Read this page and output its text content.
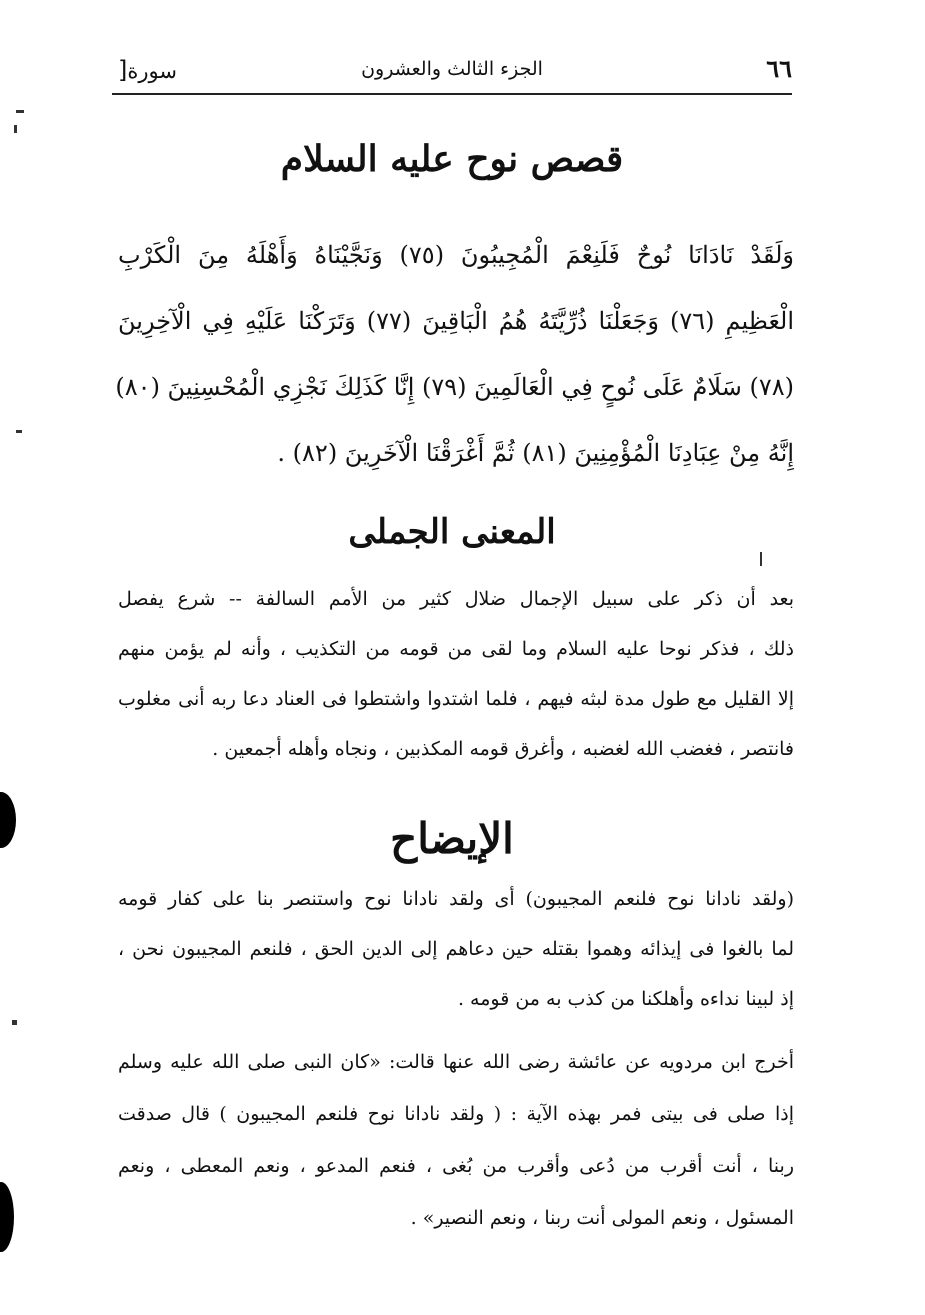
٦٦
الجزء الثالث والعشرون
سورة[
قصص نوح عليه السلام
وَلَقَدْ نَادَانَا نُوحٌ فَلَنِعْمَ الْمُجِيبُونَ (٧٥) وَنَجَّيْنَاهُ وَأَهْلَهُ مِنَ الْكَرْبِ
الْعَظِيمِ (٧٦) وَجَعَلْنَا ذُرِّيَّتَهُ هُمُ الْبَاقِينَ (٧٧) وَتَرَكْنَا عَلَيْهِ فِي الْآخِرِينَ
(٧٨) سَلَامٌ عَلَى نُوحٍ فِي الْعَالَمِينَ (٧٩) إِنَّا كَذَلِكَ نَجْزِي الْمُحْسِنِينَ (٨٠)
إِنَّهُ مِنْ عِبَادِنَا الْمُؤْمِنِينَ (٨١) ثُمَّ أَغْرَقْنَا الْآخَرِينَ (٨٢) .
المعنى الجملى
بعد أن ذكر على سبيل الإجمال ضلال كثير من الأمم السالفة -- شرع يفصل
ذلك ، فذكر نوحا عليه السلام وما لقى من قومه من التكذيب ، وأنه لم يؤمن منهم
إلا القليل مع طول مدة لبثه فيهم ، فلما اشتدوا واشتطوا فى العناد دعا ربه أنى مغلوب
فانتصر ، فغضب الله لغضبه ، وأغرق قومه المكذبين ، ونجاه وأهله أجمعين .
الإيضاح
(ولقد نادانا نوح فلنعم المجيبون) أى ولقد نادانا نوح واستنصر بنا على كفار قومه
لما بالغوا فى إيذائه وهموا بقتله حين دعاهم إلى الدين الحق ، فلنعم المجيبون نحن ،
إذ لبينا نداءه وأهلكنا من كذب به من قومه .
أخرج ابن مردويه عن عائشة رضى الله عنها قالت: «كان النبى صلى الله عليه وسلم
إذا صلى فى بيتى فمر بهذه الآية : ( ولقد نادانا نوح فلنعم المجيبون ) قال صدقت
ربنا ، أنت أقرب من دُعى وأقرب من بُغى ، فنعم المدعو ، ونعم المعطى ، ونعم
المسئول ، ونعم المولى أنت ربنا ، ونعم النصير» .
